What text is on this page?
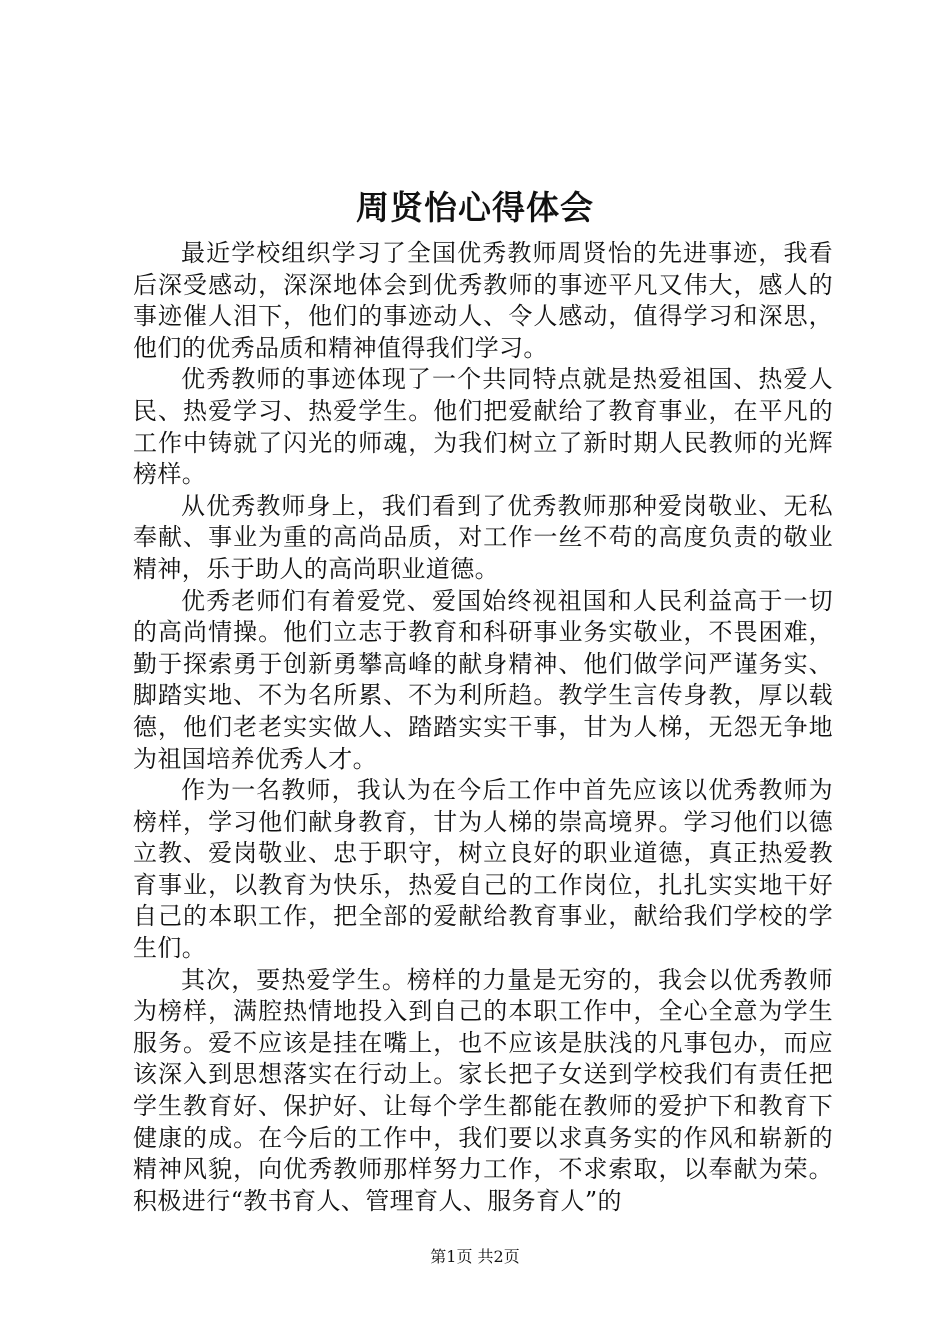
周贤怡心得体会

最近学校组织学习了全国优秀教师周贤怡的先进事迹，我看后深受感动，深深地体会到优秀教师的事迹平凡又伟大，感人的事迹催人泪下，他们的事迹动人、令人感动，值得学习和深思，他们的优秀品质和精神值得我们学习。

优秀教师的事迹体现了一个共同特点就是热爱祖国、热爱人民、热爱学习、热爱学生。他们把爱献给了教育事业，在平凡的工作中铸就了闪光的师魂，为我们树立了新时期人民教师的光辉榜样。

从优秀教师身上，我们看到了优秀教师那种爱岗敬业、无私奉献、事业为重的高尚品质，对工作一丝不苟的高度负责的敬业精神，乐于助人的高尚职业道德。

优秀老师们有着爱党、爱国始终视祖国和人民利益高于一切的高尚情操。他们立志于教育和科研事业务实敬业，不畏困难，勤于探索勇于创新勇攀高峰的献身精神、他们做学问严谨务实、脚踏实地、不为名所累、不为利所趋。教学生言传身教，厚以载德，他们老老实实做人、踏踏实实干事，甘为人梯，无怨无争地为祖国培养优秀人才。

作为一名教师，我认为在今后工作中首先应该以优秀教师为榜样，学习他们献身教育，甘为人梯的崇高境界。学习他们以德立教、爱岗敬业、忠于职守，树立良好的职业道德，真正热爱教育事业，以教育为快乐，热爱自己的工作岗位，扎扎实实地干好自己的本职工作，把全部的爱献给教育事业，献给我们学校的学生们。

其次，要热爱学生。榜样的力量是无穷的，我会以优秀教师为榜样，满腔热情地投入到自己的本职工作中，全心全意为学生服务。爱不应该是挂在嘴上，也不应该是肤浅的凡事包办，而应该深入到思想落实在行动上。家长把子女送到学校我们有责任把学生教育好、保护好、让每个学生都能在教师的爱护下和教育下健康的成。在今后的工作中，我们要以求真务实的作风和崭新的精神风貌，向优秀教师那样努力工作，不求索取，以奉献为荣。积极进行“教书育人、管理育人、服务育人”的

第1页 共2页
